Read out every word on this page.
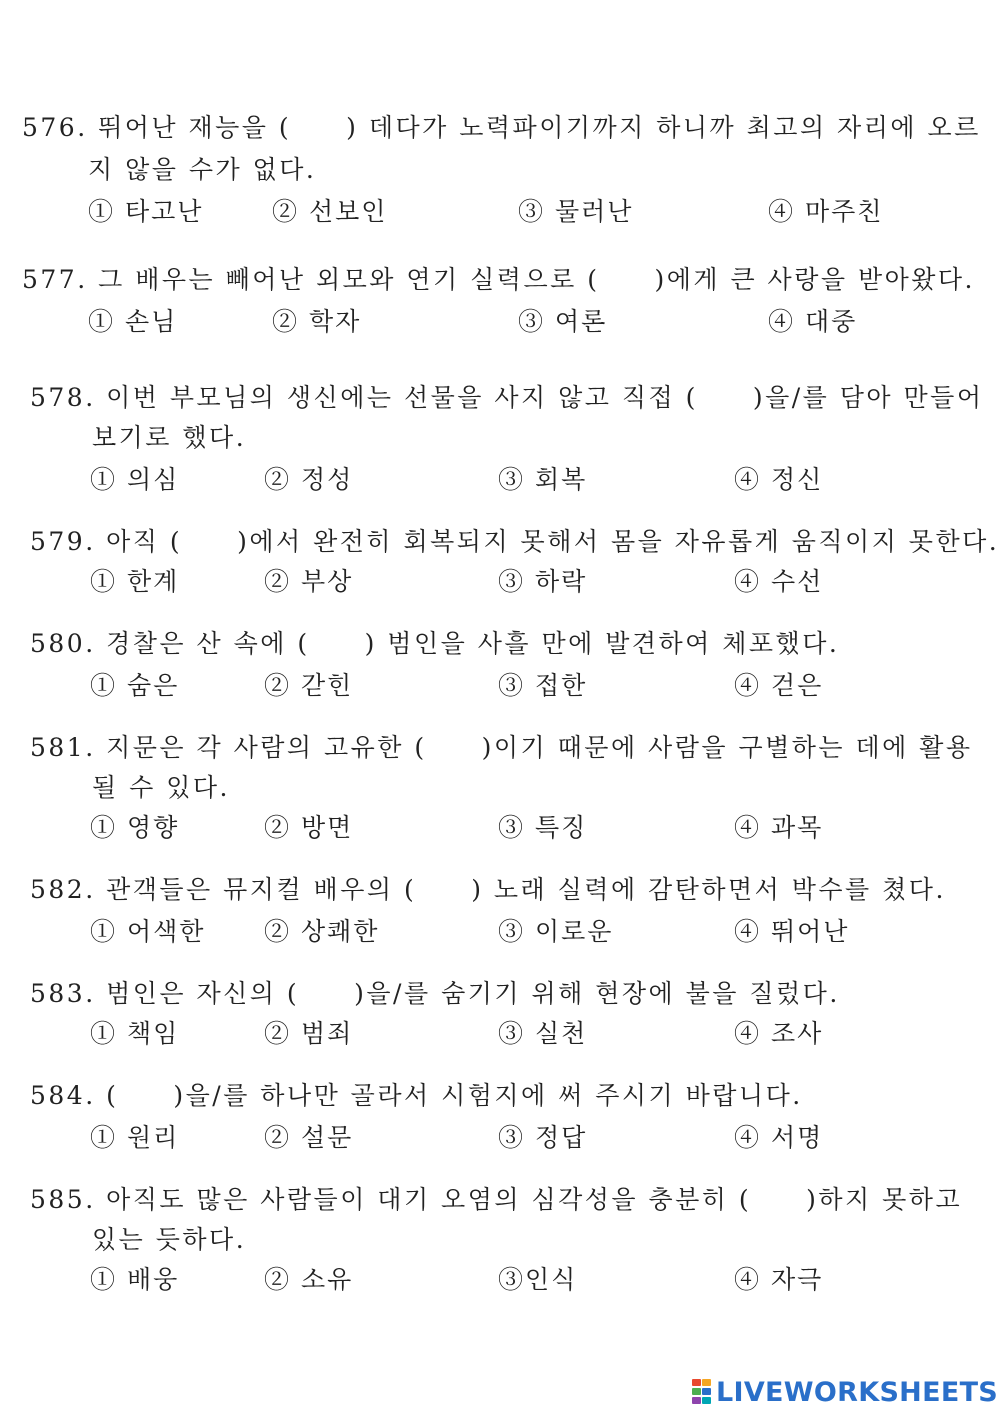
576. 뛰어난 재능을 (　　) 데다가 노력파이기까지 하니까 최고의 자리에 오르
지 않을 수가 없다.
① 타고난	② 선보인	③ 물러난	④ 마주친
577. 그 배우는 빼어난 외모와 연기 실력으로 (　　)에게 큰 사랑을 받아왔다.
① 손님	② 학자	③ 여론	④ 대중
578. 이번 부모님의 생신에는 선물을 사지 않고 직접 (　　)을/를 담아 만들어
보기로 했다.
① 의심	② 정성	③ 회복	④ 정신
579. 아직 (　　)에서 완전히 회복되지 못해서 몸을 자유롭게 움직이지 못한다.
① 한계	② 부상	③ 하락	④ 수선
580. 경찰은 산 속에 (　　) 범인을 사흘 만에 발견하여 체포했다.
① 숨은	② 갇힌	③ 접한	④ 걷은
581. 지문은 각 사람의 고유한 (　　)이기 때문에 사람을 구별하는 데에 활용
될 수 있다.
① 영향	② 방면	③ 특징	④ 과목
582. 관객들은 뮤지컬 배우의 (　　) 노래 실력에 감탄하면서 박수를 쳤다.
① 어색한 ② 상쾌한	③ 이로운	④ 뛰어난
583. 범인은 자신의 (　　)을/를 숨기기 위해 현장에 불을 질렀다.
① 책임	② 범죄	③ 실천	④ 조사
584. (　　)을/를 하나만 골라서 시험지에 써 주시기 바랍니다.
① 원리	② 설문	③ 정답	④ 서명
585. 아직도 많은 사람들이 대기 오염의 심각성을 충분히 (　　)하지 못하고
있는 듯하다.
① 배웅	② 소유	③인식	④ 자극
LIVEWORKSHEETS
